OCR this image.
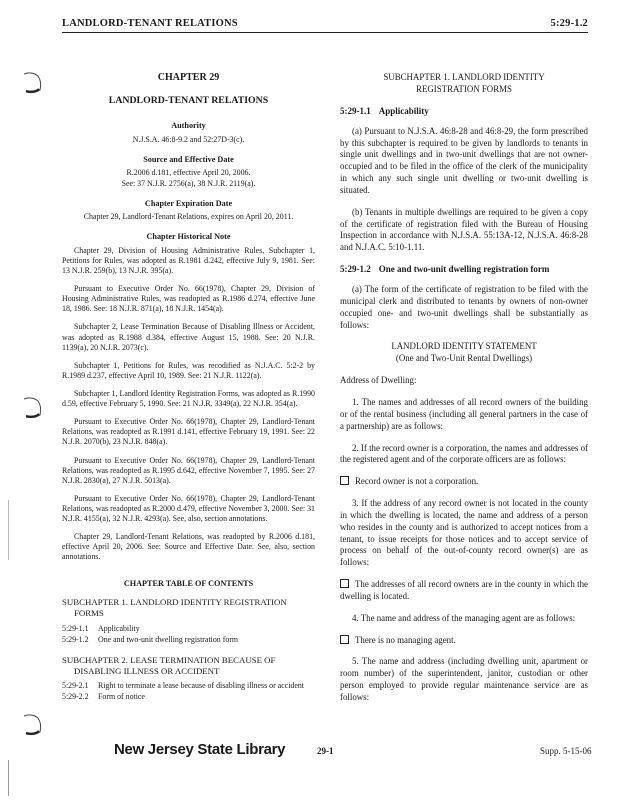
LANDLORD-TENANT RELATIONS	5:29-1.2
CHAPTER 29
LANDLORD-TENANT RELATIONS
Authority

N.J.S.A. 46:8-9.2 and 52:27D-3(c).

Source and Effective Date

R.2006 d.181, effective April 20, 2006.
See: 37 N.J.R. 2756(a), 38 N.J.R. 2119(a).

Chapter Expiration Date

Chapter 29, Landlord-Tenant Relations, expires on April 20, 2011.

Chapter Historical Note

Chapter 29, Division of Housing Administrative Rules, Subchapter 1, Petitions for Rules, was adopted as R.1981 d.242, effective July 9, 1981. See: 13 N.J.R. 259(b), 13 N.J.R. 395(a).

Pursuant to Executive Order No. 66(1978), Chapter 29, Division of Housing Administrative Rules, was readopted as R.1986 d.274, effective June 18, 1986. See: 18 N.J.R. 871(a), 18 N.J.R. 1454(a).

Subchapter 2, Lease Termination Because of Disabling Illness or Accident, was adopted as R.1988 d.384, effective August 15, 1988. See: 20 N.J.R. 1139(a), 20 N.J.R. 2073(c).

Subchapter 1, Petitions for Rules, was recodified as N.J.A.C. 5:2-2 by R.1989 d.237, effective April 10, 1989. See: 21 N.J.R. 1122(a).

Subchapter 1, Landlord Identity Registration Forms, was adopted as R.1990 d.59, effective February 5, 1990. See: 21 N.J.R. 3349(a), 22 N.J.R. 354(a).

Pursuant to Executive Order No. 66(1978), Chapter 29, Landlord-Tenant Relations, was readopted as R.1991 d.141, effective February 19, 1991. See: 22 N.J.R. 2070(b), 23 N.J.R. 848(a).

Pursuant to Executive Order No. 66(1978), Chapter 29, Landlord-Tenant Relations, was readopted as R.1995 d.642, effective November 7, 1995. See: 27 N.J.R. 2830(a), 27 N.J.R. 5013(a).

Pursuant to Executive Order No. 66(1978), Chapter 29, Landlord-Tenant Relations, was readopted as R.2000 d.479, effective November 3, 2000. See: 31 N.J.R. 4155(a), 32 N.J.R. 4293(a). See, also, section annotations.

Chapter 29, Landlord-Tenant Relations, was readopted by R.2006 d.181, effective April 20, 2006. See: Source and Effective Date. See, also, section annotations.

CHAPTER TABLE OF CONTENTS
SUBCHAPTER 1. LANDLORD IDENTITY REGISTRATION FORMS
5:29-1.1	Applicability
5:29-1.2	One and two-unit dwelling registration form
SUBCHAPTER 2. LEASE TERMINATION BECAUSE OF DISABLING ILLNESS OR ACCIDENT
5:29-2.1	Right to terminate a lease because of disabling illness or accident
5:29-2.2	Form of notice

SUBCHAPTER 1. LANDLORD IDENTITY
REGISTRATION FORMS

5:29-1.1 Applicability

(a) Pursuant to N.J.S.A. 46:8-28 and 46:8-29, the form prescribed by this subchapter is required to be given by landlords to tenants in single unit dwellings and in two-unit dwellings that are not owner-occupied and to be filed in the office of the clerk of the municipality in which any such single unit dwelling or two-unit dwelling is situated.

(b) Tenants in multiple dwellings are required to be given a copy of the certificate of registration filed with the Bureau of Housing Inspection in accordance with N.J.S.A. 55:13A-12, N.J.S.A. 46:8-28 and N.J.A.C. 5:10-1.11.

5:29-1.2 One and two-unit dwelling registration form

(a) The form of the certificate of registration to be filed with the municipal clerk and distributed to tenants by owners of non-owner occupied one- and two-unit dwellings shall be substantially as follows:

LANDLORD IDENTITY STATEMENT

(One and Two-Unit Rental Dwellings)

Address of Dwelling:

1. The names and addresses of all record owners of the building or of the rental business (including all general partners in the case of a partnership) are as follows:

2. If the record owner is a corporation, the names and addresses of the registered agent and of the corporate officers are as follows:

Record owner is not a corporation.

3. If the address of any record owner is not located in the county in which the dwelling is located, the name and address of a person who resides in the county and is authorized to accept notices from a tenant, to issue receipts for those notices and to accept service of process on behalf of the out-of-county record owner(s) are as follows:

The addresses of all record owners are in the county in which the dwelling is located.

4. The name and address of the managing agent are as follows:

There is no managing agent.

5. The name and address (including dwelling unit, apartment or room number) of the superintendent, janitor, custodian or other person employed to provide regular maintenance service are as follows:

New Jersey State Library	29-1	Supp. 5-15-06
